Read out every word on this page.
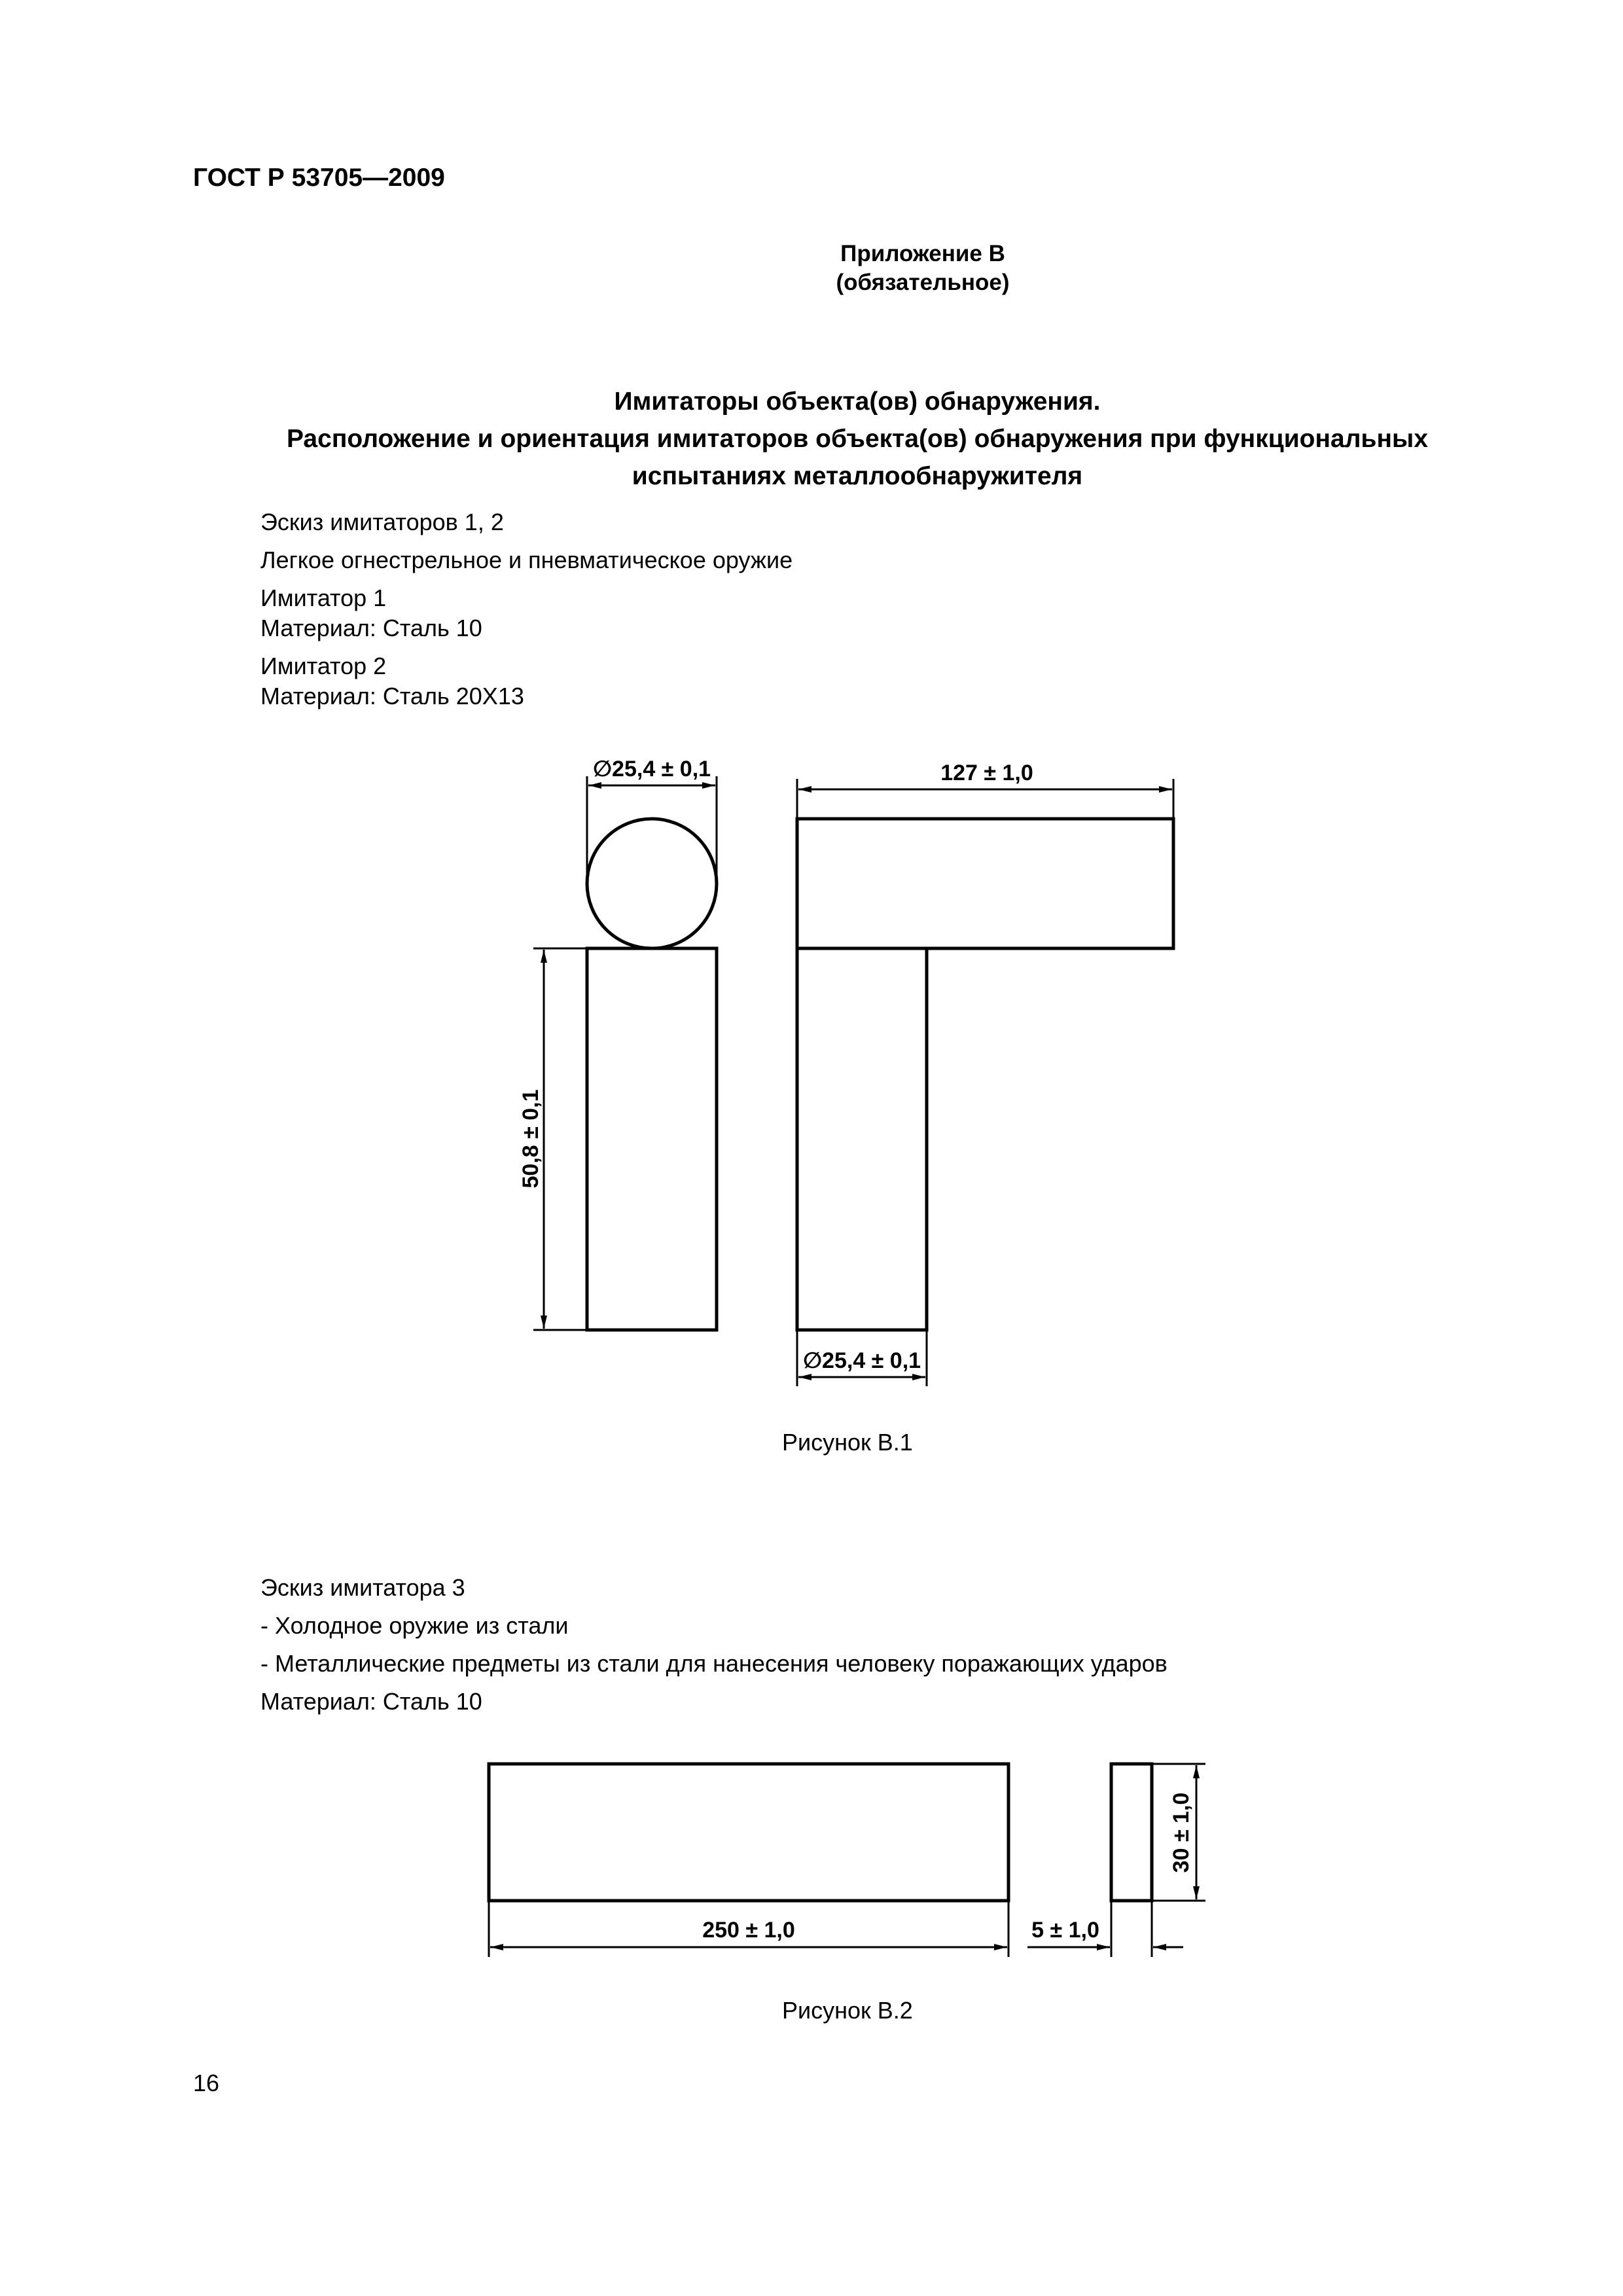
ГОСТ Р 53705—2009
Приложение В
(обязательное)
Имитаторы объекта(ов) обнаружения.
Расположение и ориентация имитаторов объекта(ов) обнаружения при функциональных
испытаниях металлообнаружителя
Эскиз имитаторов 1, 2
Легкое огнестрельное и пневматическое оружие
Имитатор 1
Материал: Сталь 10
Имитатор 2
Материал: Сталь 20Х13
∅25,4 ± 0,1
50,8 ± 0,1
127 ± 1,0
∅25,4 ± 0,1
250 ± 1,0	5 ± 1,0
30 ± 1,0
Рисунок В.1
Эскиз имитатора 3
- Холодное оружие из стали
- Металлические предметы из стали для нанесения человеку поражающих ударов
Материал: Сталь 10
Рисунок В.2
16
